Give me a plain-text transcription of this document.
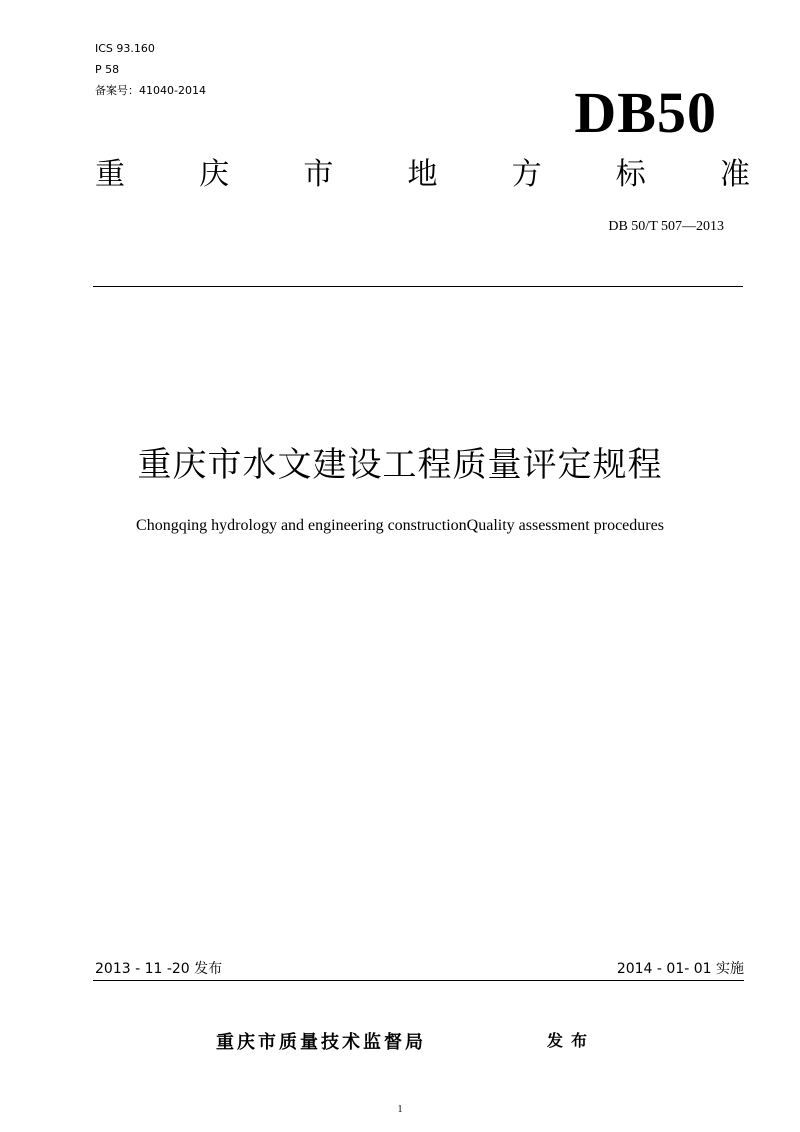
ICS 93.160
P 58
备案号：41040-2014	DB50
重 庆 市 地 方 标 准
DB 50/T 507—2013
重庆市水文建设工程质量评定规程
Chongqing hydrology and engineering constructionQuality assessment procedures
2013 - 11 -20 发布	2014 - 01- 01 实施
重庆市质量技术监督局	发布
1
